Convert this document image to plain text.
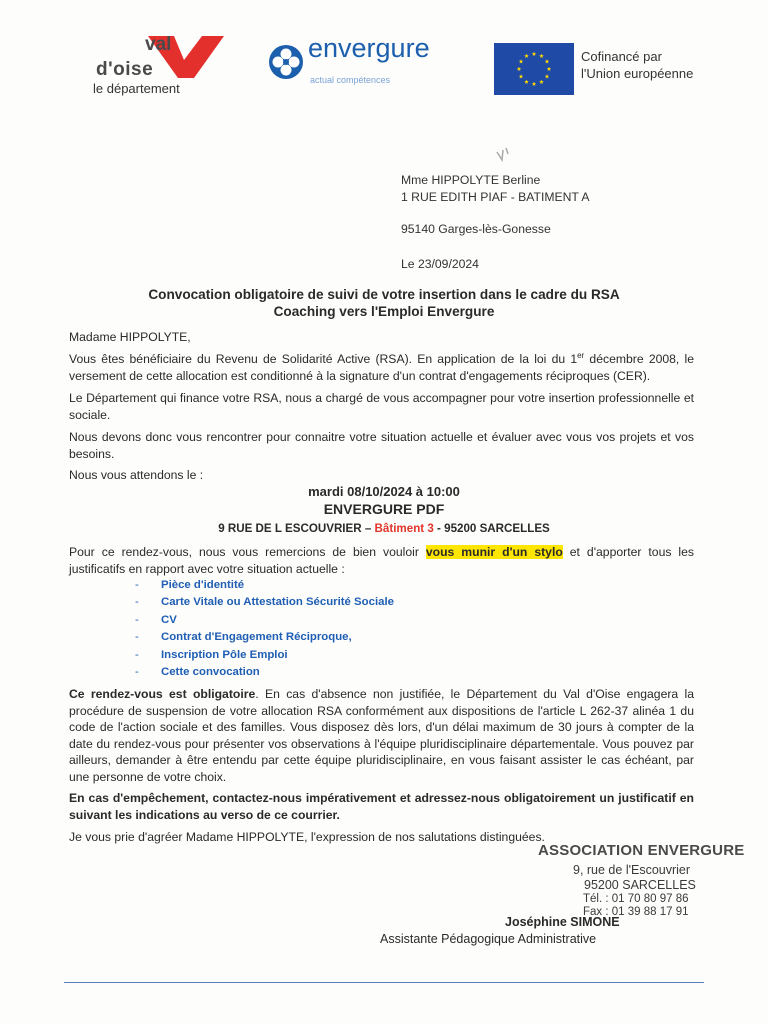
val
d'oise
le département
envergure
actual compétences
Cofinancé par
l'Union européenne
Mme HIPPOLYTE Berline
1 RUE EDITH PIAF - BATIMENT A
95140 Garges-lès-Gonesse
Le 23/09/2024
Convocation obligatoire de suivi de votre insertion dans le cadre du RSA
Coaching vers l'Emploi Envergure
Madame HIPPOLYTE,
Vous êtes bénéficiaire du Revenu de Solidarité Active (RSA). En application de la loi du 1er décembre 2008, le versement de cette allocation est conditionné à la signature d'un contrat d'engagements réciproques (CER).
Le Département qui finance votre RSA, nous a chargé de vous accompagner pour votre insertion professionnelle et sociale.
Nous devons donc vous rencontrer pour connaitre votre situation actuelle et évaluer avec vous vos projets et vos besoins.
Nous vous attendons le :
mardi 08/10/2024 à 10:00
ENVERGURE PDF
9 RUE DE L ESCOUVRIER – Bâtiment 3 - 95200 SARCELLES
Pour ce rendez-vous, nous vous remercions de bien vouloir vous munir d'un stylo et d'apporter tous les justificatifs en rapport avec votre situation actuelle :
- Pièce d'identité
- Carte Vitale ou Attestation Sécurité Sociale
- CV
- Contrat d'Engagement Réciproque,
- Inscription Pôle Emploi
- Cette convocation
Ce rendez-vous est obligatoire. En cas d'absence non justifiée, le Département du Val d'Oise engagera la procédure de suspension de votre allocation RSA conformément aux dispositions de l'article L 262-37 alinéa 1 du code de l'action sociale et des familles. Vous disposez dès lors, d'un délai maximum de 30 jours à compter de la date du rendez-vous pour présenter vos observations à l'équipe pluridisciplinaire départementale. Vous pouvez par ailleurs, demander à être entendu par cette équipe pluridisciplinaire, en vous faisant assister le cas échéant, par une personne de votre choix.
En cas d'empêchement, contactez-nous impérativement et adressez-nous obligatoirement un justificatif en suivant les indications au verso de ce courrier.
Je vous prie d'agréer Madame HIPPOLYTE, l'expression de nos salutations distinguées.
ASSOCIATION ENVERGURE
9, rue de l'Escouvrier
95200 SARCELLES
Tél. : 01 70 80 97 86
Fax : 01 39 88 17 91
Joséphine SIMONE
Assistante Pédagogique Administrative
